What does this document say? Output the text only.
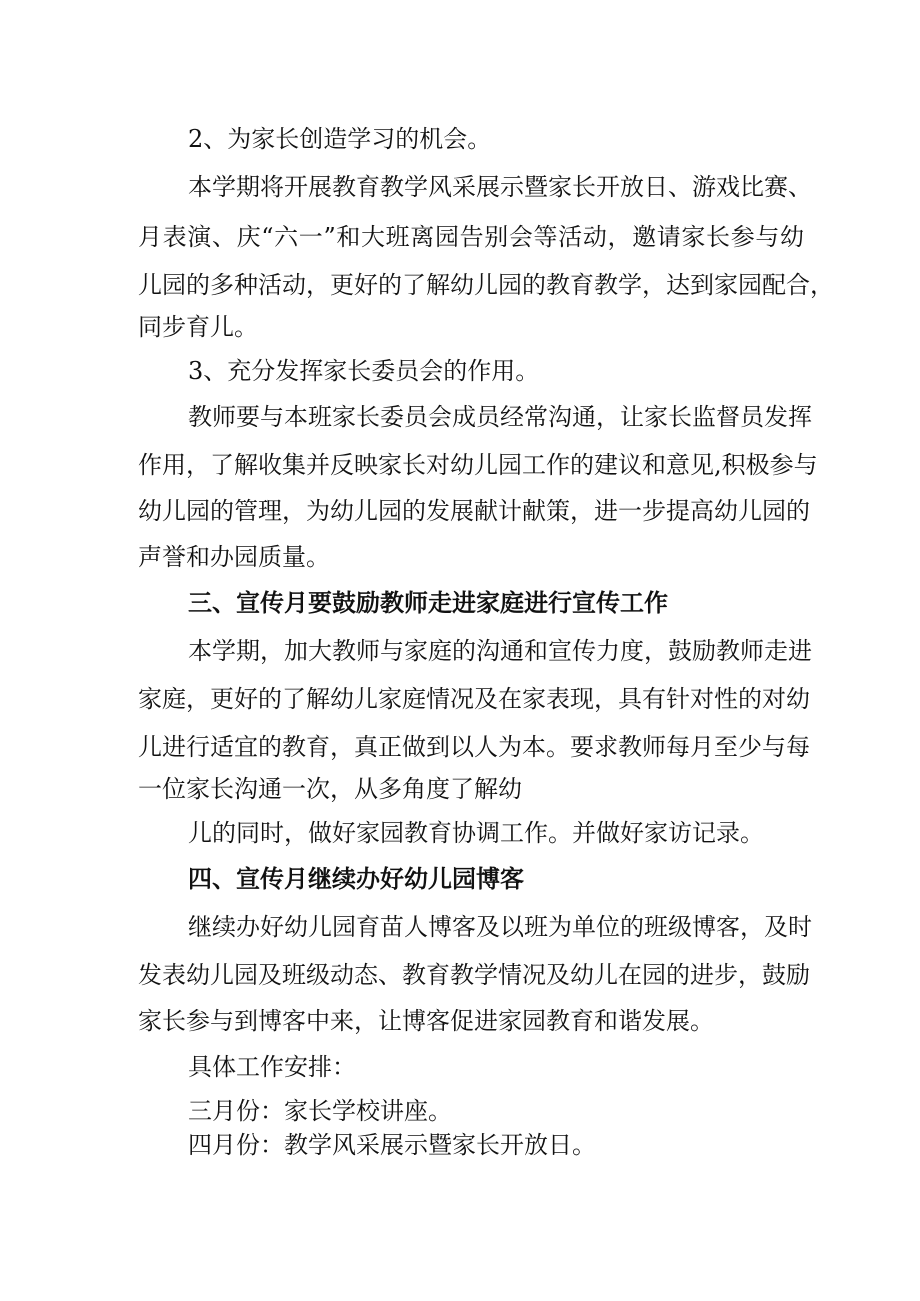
2、为家长创造学习的机会。

本学期将开展教育教学风采展示暨家长开放日、游戏比赛、

月表演、庆“六一”和大班离园告别会等活动，邀请家长参与幼

儿园的多种活动，更好的了解幼儿园的教育教学，达到家园配合，

同步育儿。

3、充分发挥家长委员会的作用。

教师要与本班家长委员会成员经常沟通，让家长监督员发挥

作用，了解收集并反映家长对幼儿园工作的建议和意见,积极参与

幼儿园的管理，为幼儿园的发展献计献策，进一步提高幼儿园的

声誉和办园质量。

三、宣传月要鼓励教师走进家庭进行宣传工作

本学期，加大教师与家庭的沟通和宣传力度，鼓励教师走进

家庭，更好的了解幼儿家庭情况及在家表现，具有针对性的对幼

儿进行适宜的教育，真正做到以人为本。要求教师每月至少与每

一位家长沟通一次，从多角度了解幼

儿的同时，做好家园教育协调工作。并做好家访记录。

四、宣传月继续办好幼儿园博客

继续办好幼儿园育苗人博客及以班为单位的班级博客，及时

发表幼儿园及班级动态、教育教学情况及幼儿在园的进步，鼓励

家长参与到博客中来，让博客促进家园教育和谐发展。

具体工作安排：

三月份：家长学校讲座。

四月份：教学风采展示暨家长开放日。
